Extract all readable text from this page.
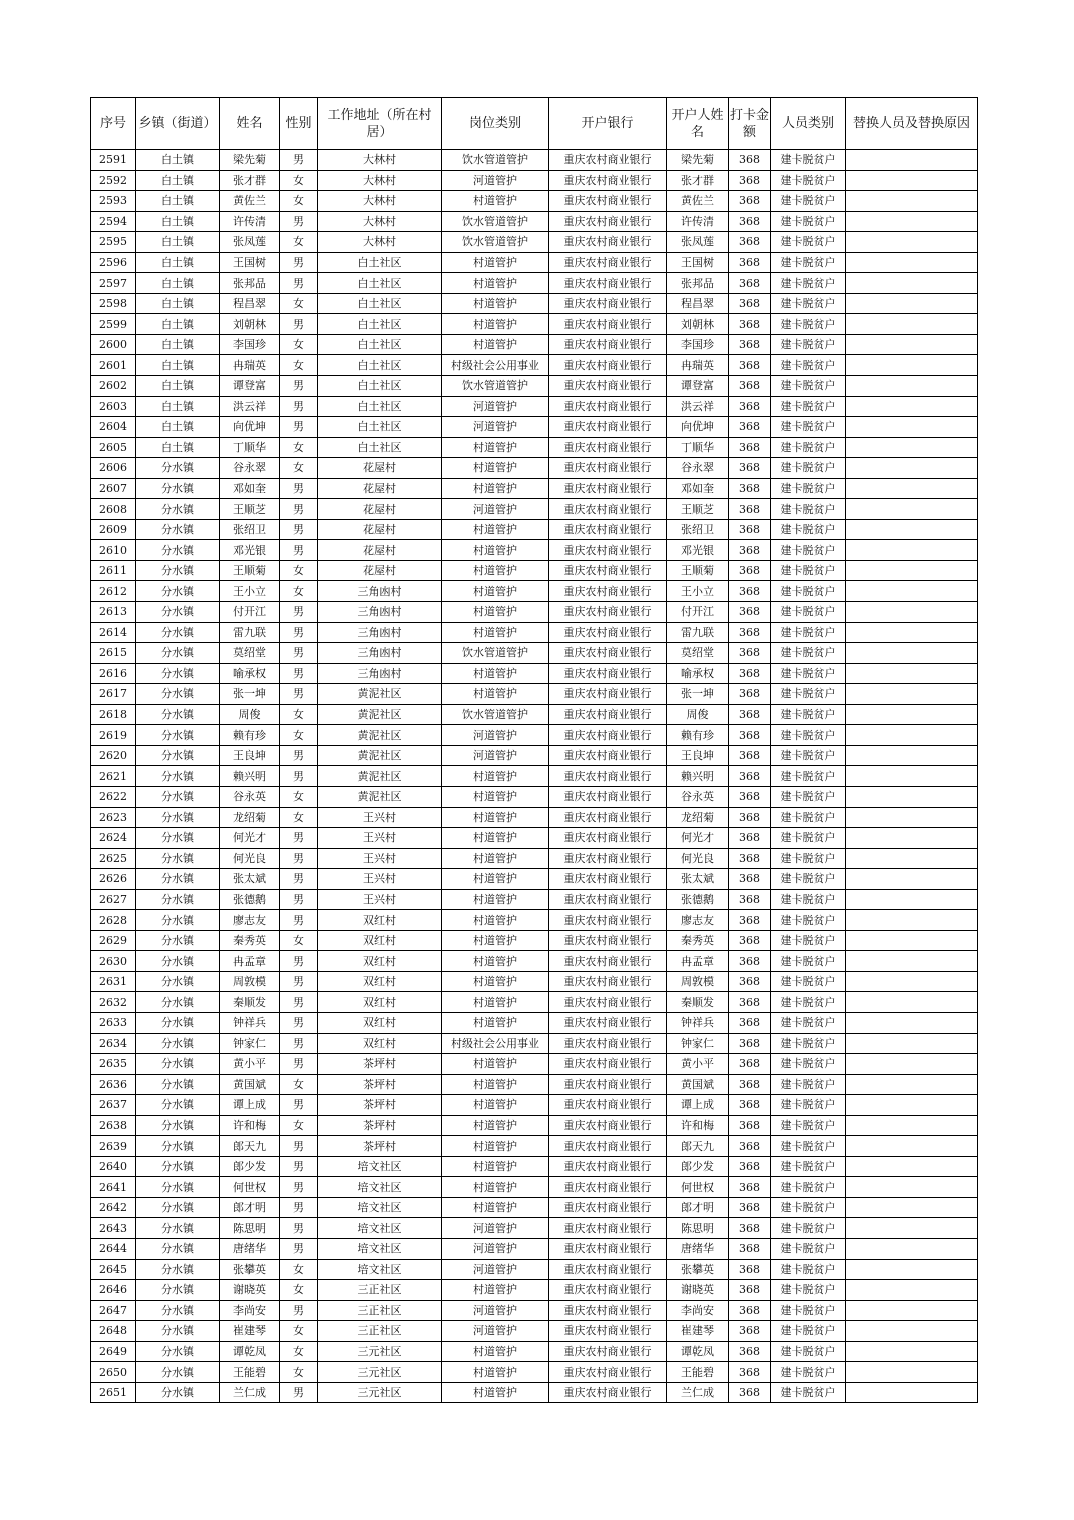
序号	乡镇（街道）	姓名	性别	工作地址（所在村居）	岗位类别	开户银行	开户人姓名	打卡金额	人员类别	替换人员及替换原因
2591	白土镇	梁先菊	男	大林村	饮水管道管护	重庆农村商业银行	梁先菊	368	建卡脱贫户	
2592	白土镇	张才群	女	大林村	河道管护	重庆农村商业银行	张才群	368	建卡脱贫户	
2593	白土镇	黄佐兰	女	大林村	村道管护	重庆农村商业银行	黄佐兰	368	建卡脱贫户	
2594	白土镇	许传清	男	大林村	饮水管道管护	重庆农村商业银行	许传清	368	建卡脱贫户	
2595	白土镇	张凤莲	女	大林村	饮水管道管护	重庆农村商业银行	张凤莲	368	建卡脱贫户	
2596	白土镇	王国树	男	白土社区	村道管护	重庆农村商业银行	王国树	368	建卡脱贫户	
2597	白土镇	张邦品	男	白土社区	村道管护	重庆农村商业银行	张邦品	368	建卡脱贫户	
2598	白土镇	程昌翠	女	白土社区	村道管护	重庆农村商业银行	程昌翠	368	建卡脱贫户	
2599	白土镇	刘朝林	男	白土社区	村道管护	重庆农村商业银行	刘朝林	368	建卡脱贫户	
2600	白土镇	李国珍	女	白土社区	村道管护	重庆农村商业银行	李国珍	368	建卡脱贫户	
2601	白土镇	冉瑞英	女	白土社区	村级社会公用事业	重庆农村商业银行	冉瑞英	368	建卡脱贫户	
2602	白土镇	谭登富	男	白土社区	饮水管道管护	重庆农村商业银行	谭登富	368	建卡脱贫户	
2603	白土镇	洪云祥	男	白土社区	河道管护	重庆农村商业银行	洪云祥	368	建卡脱贫户	
2604	白土镇	向优坤	男	白土社区	河道管护	重庆农村商业银行	向优坤	368	建卡脱贫户	
2605	白土镇	丁顺华	女	白土社区	村道管护	重庆农村商业银行	丁顺华	368	建卡脱贫户	
2606	分水镇	谷永翠	女	花屋村	村道管护	重庆农村商业银行	谷永翠	368	建卡脱贫户	
2607	分水镇	邓如奎	男	花屋村	村道管护	重庆农村商业银行	邓如奎	368	建卡脱贫户	
2608	分水镇	王顺芝	男	花屋村	河道管护	重庆农村商业银行	王顺芝	368	建卡脱贫户	
2609	分水镇	张绍卫	男	花屋村	村道管护	重庆农村商业银行	张绍卫	368	建卡脱贫户	
2610	分水镇	邓光银	男	花屋村	村道管护	重庆农村商业银行	邓光银	368	建卡脱贫户	
2611	分水镇	王顺菊	女	花屋村	村道管护	重庆农村商业银行	王顺菊	368	建卡脱贫户	
2612	分水镇	王小立	女	三角凼村	村道管护	重庆农村商业银行	王小立	368	建卡脱贫户	
2613	分水镇	付开江	男	三角凼村	村道管护	重庆农村商业银行	付开江	368	建卡脱贫户	
2614	分水镇	雷九联	男	三角凼村	村道管护	重庆农村商业银行	雷九联	368	建卡脱贫户	
2615	分水镇	莫绍堂	男	三角凼村	饮水管道管护	重庆农村商业银行	莫绍堂	368	建卡脱贫户	
2616	分水镇	喻承权	男	三角凼村	村道管护	重庆农村商业银行	喻承权	368	建卡脱贫户	
2617	分水镇	张一坤	男	黄泥社区	村道管护	重庆农村商业银行	张一坤	368	建卡脱贫户	
2618	分水镇	周俊	女	黄泥社区	饮水管道管护	重庆农村商业银行	周俊	368	建卡脱贫户	
2619	分水镇	赖有珍	女	黄泥社区	河道管护	重庆农村商业银行	赖有珍	368	建卡脱贫户	
2620	分水镇	王良坤	男	黄泥社区	河道管护	重庆农村商业银行	王良坤	368	建卡脱贫户	
2621	分水镇	赖兴明	男	黄泥社区	村道管护	重庆农村商业银行	赖兴明	368	建卡脱贫户	
2622	分水镇	谷永英	女	黄泥社区	村道管护	重庆农村商业银行	谷永英	368	建卡脱贫户	
2623	分水镇	龙绍菊	女	王兴村	村道管护	重庆农村商业银行	龙绍菊	368	建卡脱贫户	
2624	分水镇	何光才	男	王兴村	村道管护	重庆农村商业银行	何光才	368	建卡脱贫户	
2625	分水镇	何光良	男	王兴村	村道管护	重庆农村商业银行	何光良	368	建卡脱贫户	
2626	分水镇	张太斌	男	王兴村	村道管护	重庆农村商业银行	张太斌	368	建卡脱贫户	
2627	分水镇	张德鹅	男	王兴村	村道管护	重庆农村商业银行	张德鹅	368	建卡脱贫户	
2628	分水镇	廖志友	男	双红村	村道管护	重庆农村商业银行	廖志友	368	建卡脱贫户	
2629	分水镇	秦秀英	女	双红村	村道管护	重庆农村商业银行	秦秀英	368	建卡脱贫户	
2630	分水镇	冉孟章	男	双红村	村道管护	重庆农村商业银行	冉孟章	368	建卡脱贫户	
2631	分水镇	周敦模	男	双红村	村道管护	重庆农村商业银行	周敦模	368	建卡脱贫户	
2632	分水镇	秦顺发	男	双红村	村道管护	重庆农村商业银行	秦顺发	368	建卡脱贫户	
2633	分水镇	钟祥兵	男	双红村	村道管护	重庆农村商业银行	钟祥兵	368	建卡脱贫户	
2634	分水镇	钟家仁	男	双红村	村级社会公用事业	重庆农村商业银行	钟家仁	368	建卡脱贫户	
2635	分水镇	黄小平	男	茶坪村	村道管护	重庆农村商业银行	黄小平	368	建卡脱贫户	
2636	分水镇	黄国斌	女	茶坪村	村道管护	重庆农村商业银行	黄国斌	368	建卡脱贫户	
2637	分水镇	谭上成	男	茶坪村	村道管护	重庆农村商业银行	谭上成	368	建卡脱贫户	
2638	分水镇	许和梅	女	茶坪村	村道管护	重庆农村商业银行	许和梅	368	建卡脱贫户	
2639	分水镇	郎天九	男	茶坪村	村道管护	重庆农村商业银行	郎天九	368	建卡脱贫户	
2640	分水镇	郎少发	男	培文社区	村道管护	重庆农村商业银行	郎少发	368	建卡脱贫户	
2641	分水镇	何世权	男	培文社区	村道管护	重庆农村商业银行	何世权	368	建卡脱贫户	
2642	分水镇	郎才明	男	培文社区	村道管护	重庆农村商业银行	郎才明	368	建卡脱贫户	
2643	分水镇	陈思明	男	培文社区	河道管护	重庆农村商业银行	陈思明	368	建卡脱贫户	
2644	分水镇	唐绪华	男	培文社区	河道管护	重庆农村商业银行	唐绪华	368	建卡脱贫户	
2645	分水镇	张攀英	女	培文社区	河道管护	重庆农村商业银行	张攀英	368	建卡脱贫户	
2646	分水镇	谢晓英	女	三正社区	村道管护	重庆农村商业银行	谢晓英	368	建卡脱贫户	
2647	分水镇	李尚安	男	三正社区	河道管护	重庆农村商业银行	李尚安	368	建卡脱贫户	
2648	分水镇	崔建琴	女	三正社区	河道管护	重庆农村商业银行	崔建琴	368	建卡脱贫户	
2649	分水镇	谭乾凤	女	三元社区	村道管护	重庆农村商业银行	谭乾凤	368	建卡脱贫户	
2650	分水镇	王能碧	女	三元社区	村道管护	重庆农村商业银行	王能碧	368	建卡脱贫户	
2651	分水镇	兰仁成	男	三元社区	村道管护	重庆农村商业银行	兰仁成	368	建卡脱贫户	
